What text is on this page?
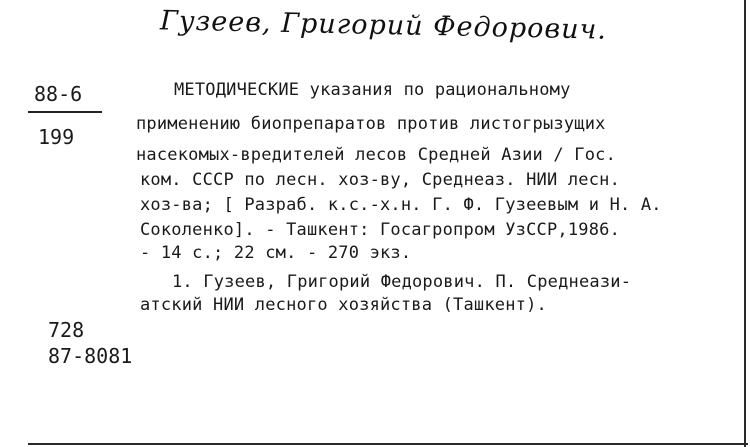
Гузеев, Григорий Федорович.
88-6
199
МЕТОДИЧЕСКИЕ указания по рациональному
применению биопрепаратов против листогрызущих
насекомых-вредителей лесов Средней Азии / Гос.
ком. СССР по лесн. хоз-ву, Среднеаз. НИИ лесн.
хоз-ва; [ Разраб. к.с.-х.н. Г. Ф. Гузеевым и Н. А.
Соколенко]. - Ташкент: Госагропром УзССР,1986.
- 14 с.; 22 см. - 270 экз.
1. Гузеев, Григорий Федорович. П. Среднеази-
атский НИИ лесного хозяйства (Ташкент).
728
87-8081
